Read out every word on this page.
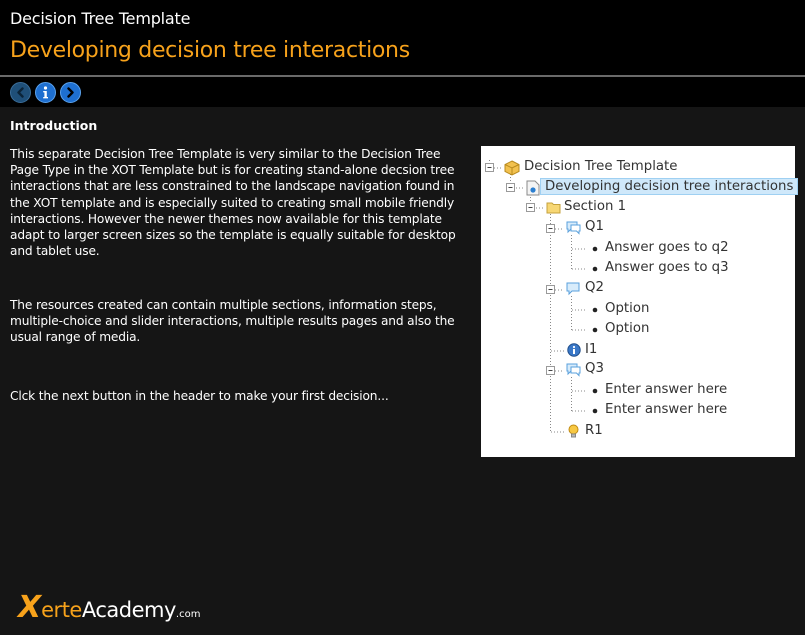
Decision Tree Template
Developing decision tree interactions
Introduction
This separate Decision Tree Template is very similar to the Decision Tree Page Type in the XOT Template but is for creating stand-alone decsion tree interactions that are less constrained to the landscape navigation found in the XOT template and is especially suited to creating small mobile friendly interactions. However the newer themes now available for this template adapt to larger screen sizes so the template is equally suitable for desktop and tablet use.
The resources created can contain multiple sections, information steps, multiple-choice and slider interactions, multiple results pages and also the usual range of media.
Clck the next button in the header to make your first decision...
Decision Tree Template
Developing decision tree interactions
Section 1
Q1
Answer goes to q2
Answer goes to q3
Q2
Option
Option
I1
Q3
Enter answer here
Enter answer here
R1
XerteAcademy.com
